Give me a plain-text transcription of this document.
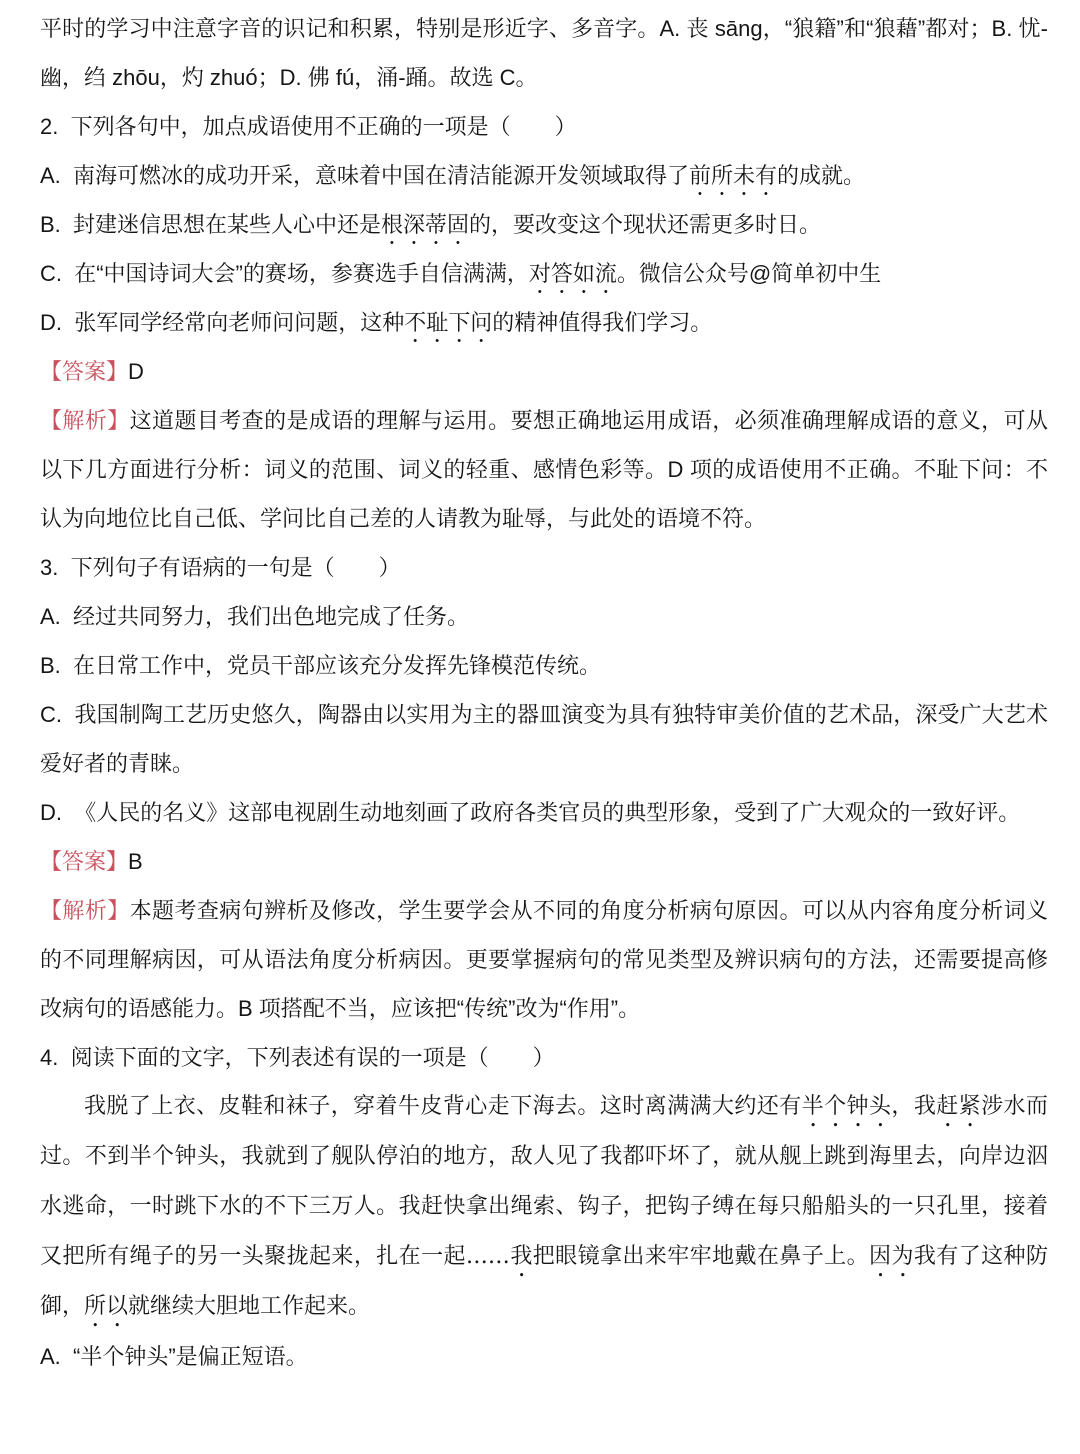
平时的学习中注意字音的识记和积累，特别是形近字、多音字。A. 丧 sāng，“狼籍”和“狼藉”都对；B. 忧-幽，绉 zhōu，灼 zhuó；D. 佛 fú，涌-踊。故选 C。

2.  下列各句中，加点成语使用不正确的一项是（　　）

A.  南海可燃冰的成功开采，意味着中国在清洁能源开发领域取得了前所未有的成就。

B.  封建迷信思想在某些人心中还是根深蒂固的，要改变这个现状还需更多时日。

C.  在“中国诗词大会”的赛场，参赛选手自信满满，对答如流。微信公众号@简单初中生

D.  张军同学经常向老师问问题，这种不耻下问的精神值得我们学习。

【答案】D

【解析】这道题目考查的是成语的理解与运用。要想正确地运用成语，必须准确理解成语的意义，可从以下几方面进行分析：词义的范围、词义的轻重、感情色彩等。D 项的成语使用不正确。不耻下问：不认为向地位比自己低、学问比自己差的人请教为耻辱，与此处的语境不符。

3.  下列句子有语病的一句是（　　）

A.  经过共同努力，我们出色地完成了任务。

B.  在日常工作中，党员干部应该充分发挥先锋模范传统。

C.  我国制陶工艺历史悠久，陶器由以实用为主的器皿演变为具有独特审美价值的艺术品，深受广大艺术爱好者的青睐。

D.  《人民的名义》这部电视剧生动地刻画了政府各类官员的典型形象，受到了广大观众的一致好评。

【答案】B

【解析】本题考查病句辨析及修改，学生要学会从不同的角度分析病句原因。可以从内容角度分析词义的不同理解病因，可从语法角度分析病因。更要掌握病句的常见类型及辨识病句的方法，还需要提高修改病句的语感能力。B 项搭配不当，应该把“传统”改为“作用”。

4.  阅读下面的文字，下列表述有误的一项是（　　）

我脱了上衣、皮鞋和袜子，穿着牛皮背心走下海去。这时离满满大约还有半个钟头，我赶紧涉水而过。不到半个钟头，我就到了舰队停泊的地方，敌人见了我都吓坏了，就从舰上跳到海里去，向岸边泅水逃命，一时跳下水的不下三万人。我赶快拿出绳索、钩子，把钩子缚在每只船船头的一只孔里，接着又把所有绳子的另一头聚拢起来，扎在一起……我把眼镜拿出来牢牢地戴在鼻子上。因为我有了这种防御，所以就继续大胆地工作起来。

A.  “半个钟头”是偏正短语。
